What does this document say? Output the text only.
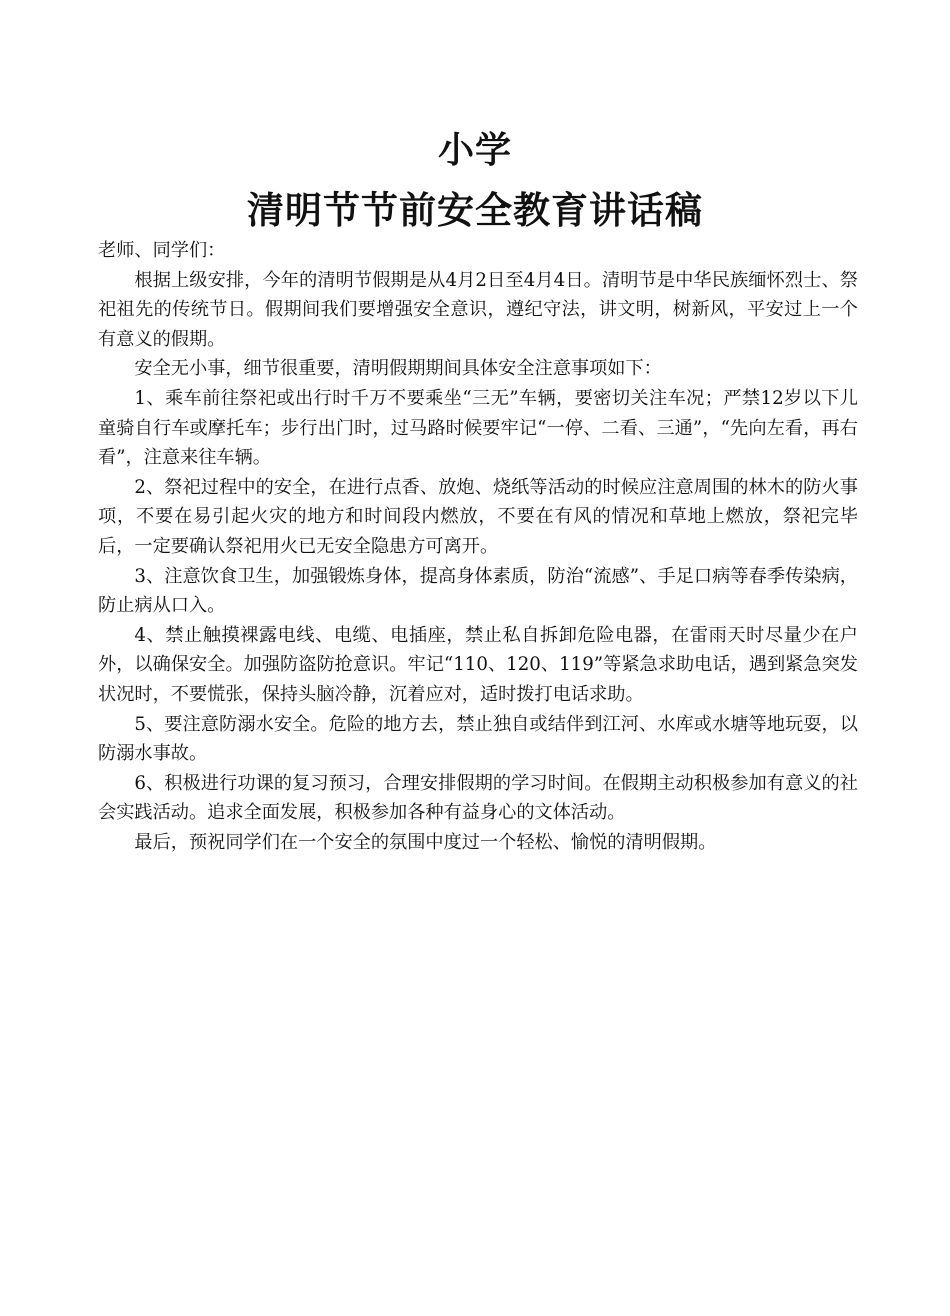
小学
清明节节前安全教育讲话稿

老师、同学们：

根据上级安排，今年的清明节假期是从4月2日至4月4日。清明节是中华民族缅怀烈士、祭祀祖先的传统节日。假期间我们要增强安全意识，遵纪守法，讲文明，树新风，平安过上一个有意义的假期。

安全无小事，细节很重要，清明假期期间具体安全注意事项如下：

1、乘车前往祭祀或出行时千万不要乘坐“三无”车辆，要密切关注车况；严禁12岁以下儿童骑自行车或摩托车；步行出门时，过马路时候要牢记“一停、二看、三通”，“先向左看，再右看”，注意来往车辆。

2、祭祀过程中的安全，在进行点香、放炮、烧纸等活动的时候应注意周围的林木的防火事项，不要在易引起火灾的地方和时间段内燃放，不要在有风的情况和草地上燃放，祭祀完毕后，一定要确认祭祀用火已无安全隐患方可离开。

3、注意饮食卫生，加强锻炼身体，提高身体素质，防治“流感”、手足口病等春季传染病，防止病从口入。

4、禁止触摸裸露电线、电缆、电插座，禁止私自拆卸危险电器，在雷雨天时尽量少在户外，以确保安全。加强防盗防抢意识。牢记“110、120、119”等紧急求助电话，遇到紧急突发状况时，不要慌张，保持头脑冷静，沉着应对，适时拨打电话求助。

5、要注意防溺水安全。危险的地方去，禁止独自或结伴到江河、水库或水塘等地玩耍，以防溺水事故。

6、积极进行功课的复习预习，合理安排假期的学习时间。在假期主动积极参加有意义的社会实践活动。追求全面发展，积极参加各种有益身心的文体活动。

最后，预祝同学们在一个安全的氛围中度过一个轻松、愉悦的清明假期。
